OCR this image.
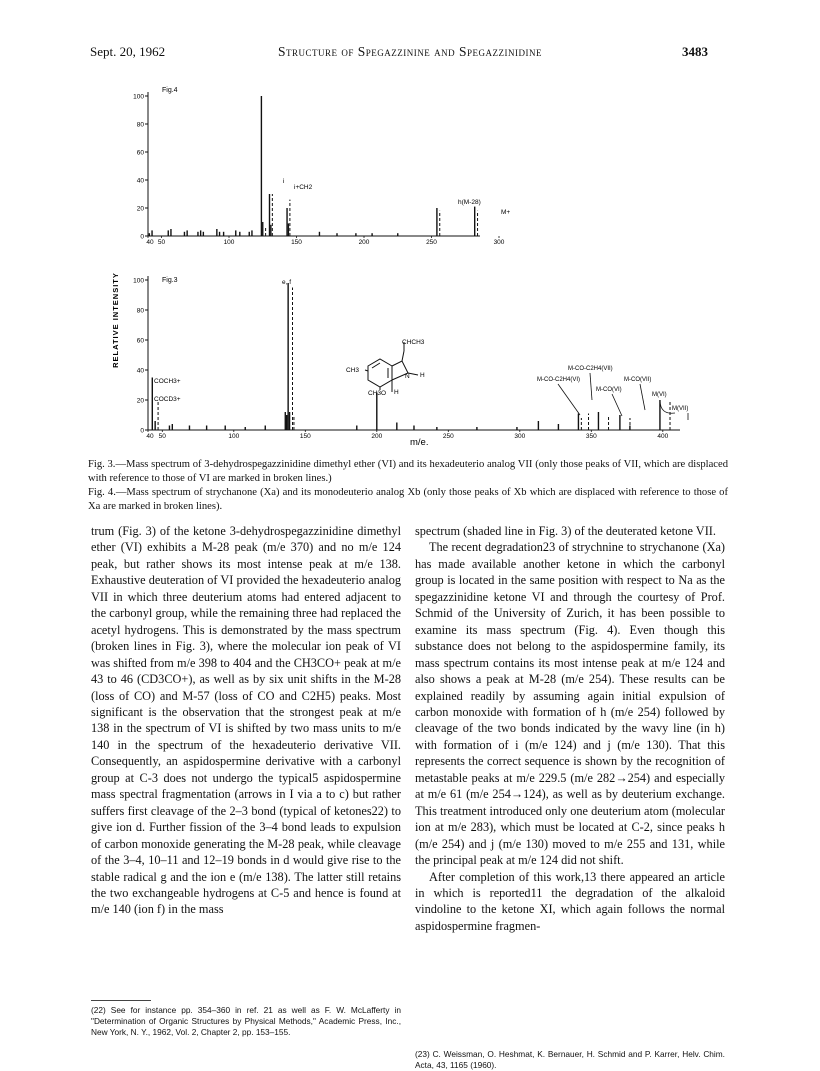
Sept. 20, 1962	Structure of Spegazzinine and Spegazzinidine	3483
RELATIVE INTENSITY
100
80
60
40
20
0
40 50	100	150	200	250	300
100
80
60
40
20
0
40 50	100	150	200	250	300	350	400
Fig.4
i
i+CH2
h(M-28)
M+
Fig.3	e, f
COCH3+
COCD3+
CHCH3
CH3
CH3O
H
N
H
M-CO-C2H4(VII)
M-CO-C2H4(VI)	M-CO(VII)
M-CO(VI)
M(VI)
M(VII)
m/e.
Fig. 3.—Mass spectrum of 3-dehydrospegazzinidine dimethyl ether (VI) and its hexadeuterio analog VII (only those peaks of VII, which are displaced with reference to those of VI are marked in broken lines.)
Fig. 4.—Mass spectrum of strychanone (Xa) and its monodeuterio analog Xb (only those peaks of Xb which are displaced with reference to those of Xa are marked in broken lines).

trum (Fig. 3) of the ketone 3-dehydrospegazzinidine dimethyl ether (VI) exhibits a M-28 peak (m/e 370) and no m/e 124 peak, but rather shows its most intense peak at m/e 138. Exhaustive deuteration of VI provided the hexadeuterio analog VII in which three deuterium atoms had entered adjacent to the carbonyl group, while the remaining three had replaced the acetyl hydrogens. This is demonstrated by the mass spectrum (broken lines in Fig. 3), where the molecular ion peak of VI was shifted from m/e 398 to 404 and the CH3CO+ peak at m/e 43 to 46 (CD3CO+), as well as by six unit shifts in the M-28 (loss of CO) and M-57 (loss of CO and C2H5) peaks. Most significant is the observation that the strongest peak at m/e 138 in the spectrum of VI is shifted by two mass units to m/e 140 in the spectrum of the hexadeuterio derivative VII. Consequently, an aspidospermine derivative with a carbonyl group at C-3 does not undergo the typical5 aspidospermine mass spectral fragmentation (arrows in I via a to c) but rather suffers first cleavage of the 2–3 bond (typical of ketones22) to give ion d. Further fission of the 3–4 bond leads to expulsion of carbon monoxide generating the M-28 peak, while cleavage of the 3–4, 10–11 and 12–19 bonds in d would give rise to the stable radical g and the ion e (m/e 138). The latter still retains the two exchangeable hydrogens at C-5 and hence is found at m/e 140 (ion f) in the mass

spectrum (shaded line in Fig. 3) of the deuterated ketone VII.

The recent degradation23 of strychnine to strychanone (Xa) has made available another ketone in which the carbonyl group is located in the same position with respect to Na as the spegazzinidine ketone VI and through the courtesy of Prof. Schmid of the University of Zurich, it has been possible to examine its mass spectrum (Fig. 4). Even though this substance does not belong to the aspidospermine family, its mass spectrum contains its most intense peak at m/e 124 and also shows a peak at M-28 (m/e 254). These results can be explained readily by assuming again initial expulsion of carbon monoxide with formation of h (m/e 254) followed by cleavage of the two bonds indicated by the wavy line (in h) with formation of i (m/e 124) and j (m/e 130). That this represents the correct sequence is shown by the recognition of metastable peaks at m/e 229.5 (m/e 282→254) and especially at m/e 61 (m/e 254→124), as well as by deuterium exchange. This treatment introduced only one deuterium atom (molecular ion at m/e 283), which must be located at C-2, since peaks h (m/e 254) and j (m/e 130) moved to m/e 255 and 131, while the principal peak at m/e 124 did not shift.

After completion of this work,13 there appeared an article in which is reported11 the degradation of the alkaloid vindoline to the ketone XI, which again follows the normal aspidospermine fragmen-

(22) See for instance pp. 354–360 in ref. 21 as well as F. W. McLafferty in "Determination of Organic Structures by Physical Methods," Academic Press, Inc., New York, N. Y., 1962, Vol. 2, Chapter 2, pp. 153–155.
(23) C. Weissman, O. Heshmat, K. Bernauer, H. Schmid and P. Karrer, Helv. Chim. Acta, 43, 1165 (1960).
